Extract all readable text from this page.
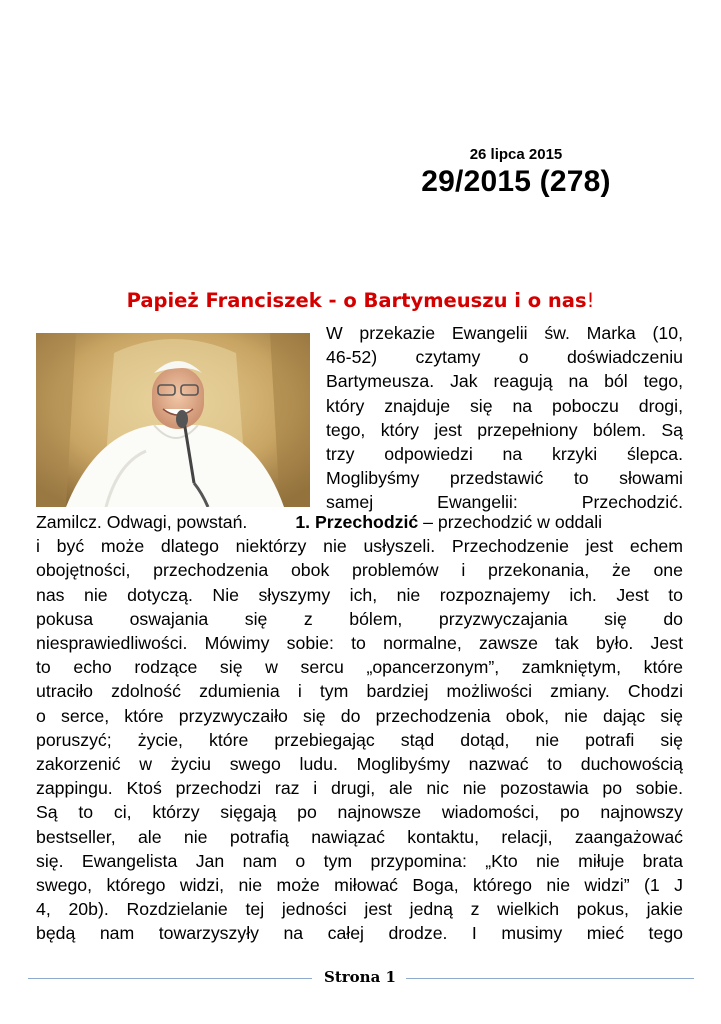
26 lipca 2015
29/2015 (278)
Papież Franciszek - o Bartymeuszu i o nas!
W przekazie Ewangelii św. Marka (10,
46-52) czytamy o doświadczeniu
Bartymeusza. Jak reagują na ból tego,
który znajduje się na poboczu drogi,
tego, który jest przepełniony bólem. Są
trzy odpowiedzi na krzyki ślepca.
Moglibyśmy przedstawić to słowami
samej Ewangelii: Przechodzić.
Zamilcz. Odwagi, powstań.	1. Przechodzić – przechodzić w oddali
i być może dlatego niektórzy nie usłyszeli. Przechodzenie jest echem
obojętności, przechodzenia obok problemów i przekonania, że one
nas nie dotyczą. Nie słyszymy ich, nie rozpoznajemy ich. Jest to
pokusa oswajania się z bólem, przyzwyczajania się do
niesprawiedliwości. Mówimy sobie: to normalne, zawsze tak było. Jest
to echo rodzące się w sercu „opancerzonym”, zamkniętym, które
utraciło zdolność zdumienia i tym bardziej możliwości zmiany. Chodzi
o serce, które przyzwyczaiło się do przechodzenia obok, nie dając się
poruszyć; życie, które przebiegając stąd dotąd, nie potrafi się
zakorzenić w życiu swego ludu. Moglibyśmy nazwać to duchowością
zappingu. Ktoś przechodzi raz i drugi, ale nic nie pozostawia po sobie.
Są to ci, którzy sięgają po najnowsze wiadomości, po najnowszy
bestseller, ale nie potrafią nawiązać kontaktu, relacji, zaangażować
się. Ewangelista Jan nam o tym przypomina: „Kto nie miłuje brata
swego, którego widzi, nie może miłować Boga, którego nie widzi” (1 J
4, 20b). Rozdzielanie tej jedności jest jedną z wielkich pokus, jakie
będą nam towarzyszyły na całej drodze. I musimy mieć tego
Strona 1
